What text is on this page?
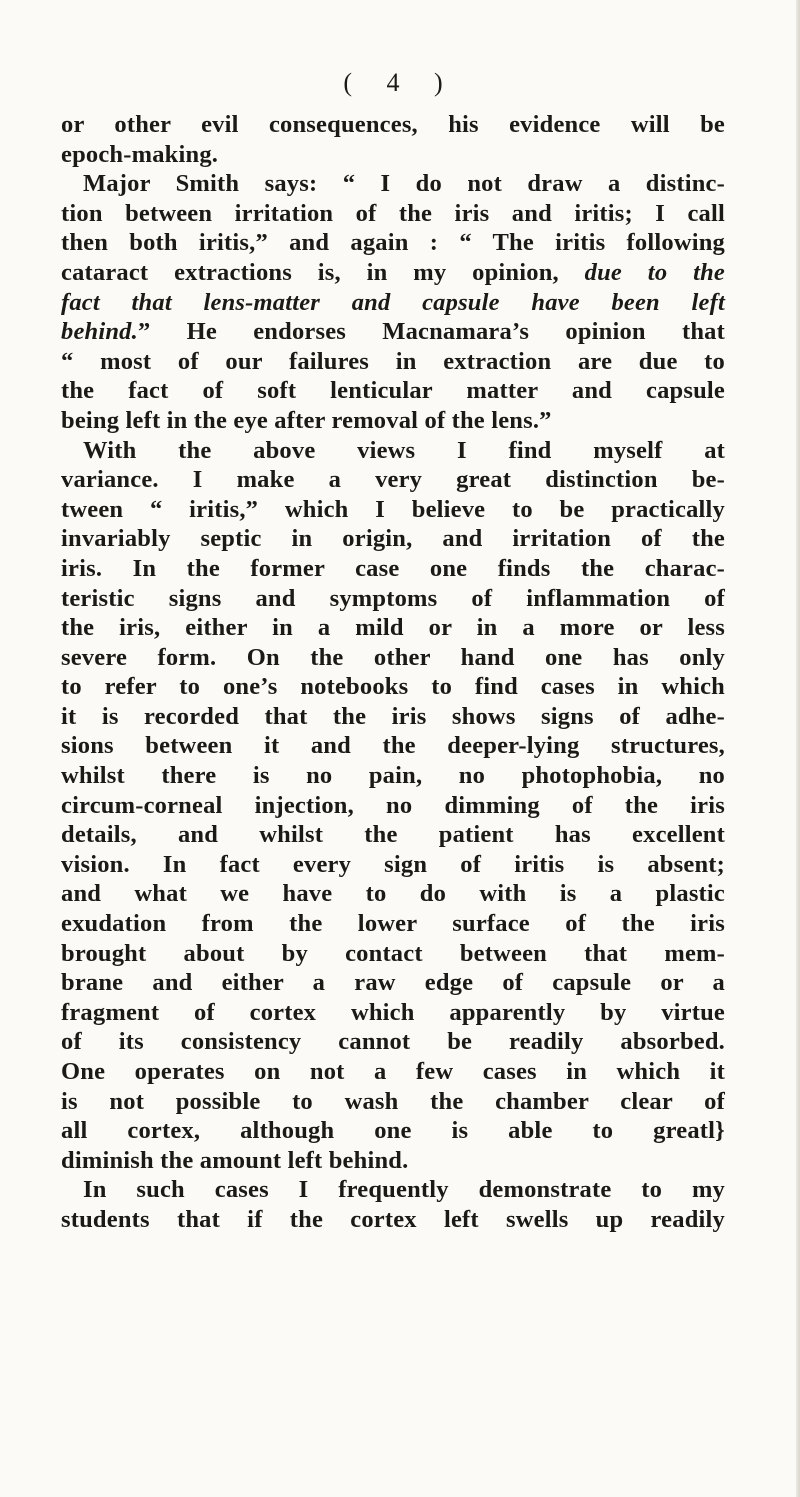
( 4 )
or other evil consequences, his evidence will be
epoch-making.
Major Smith says: “ I do not draw a distinc-
tion between irritation of the iris and iritis; I call
then both iritis,” and again : “ The iritis following
cataract extractions is, in my opinion, due to the
fact that lens-matter and capsule have been left
behind.” He endorses Macnamara’s opinion that
“ most of our failures in extraction are due to
the fact of soft lenticular matter and capsule
being left in the eye after removal of the lens.”
With the above views I find myself at
variance. I make a very great distinction be-
tween “ iritis,” which I believe to be practically
invariably septic in origin, and irritation of the
iris. In the former case one finds the charac-
teristic signs and symptoms of inflammation of
the iris, either in a mild or in a more or less
severe form. On the other hand one has only
to refer to one’s notebooks to find cases in which
it is recorded that the iris shows signs of adhe-
sions between it and the deeper-lying structures,
whilst there is no pain, no photophobia, no
circum-corneal injection, no dimming of the iris
details, and whilst the patient has excellent
vision. In fact every sign of iritis is absent;
and what we have to do with is a plastic
exudation from the lower surface of the iris
brought about by contact between that mem-
brane and either a raw edge of capsule or a
fragment of cortex which apparently by virtue
of its consistency cannot be readily absorbed.
One operates on not a few cases in which it
is not possible to wash the chamber clear of
all cortex, although one is able to greatl}
diminish the amount left behind.
In such cases I frequently demonstrate to my
students that if the cortex left swells up readily
